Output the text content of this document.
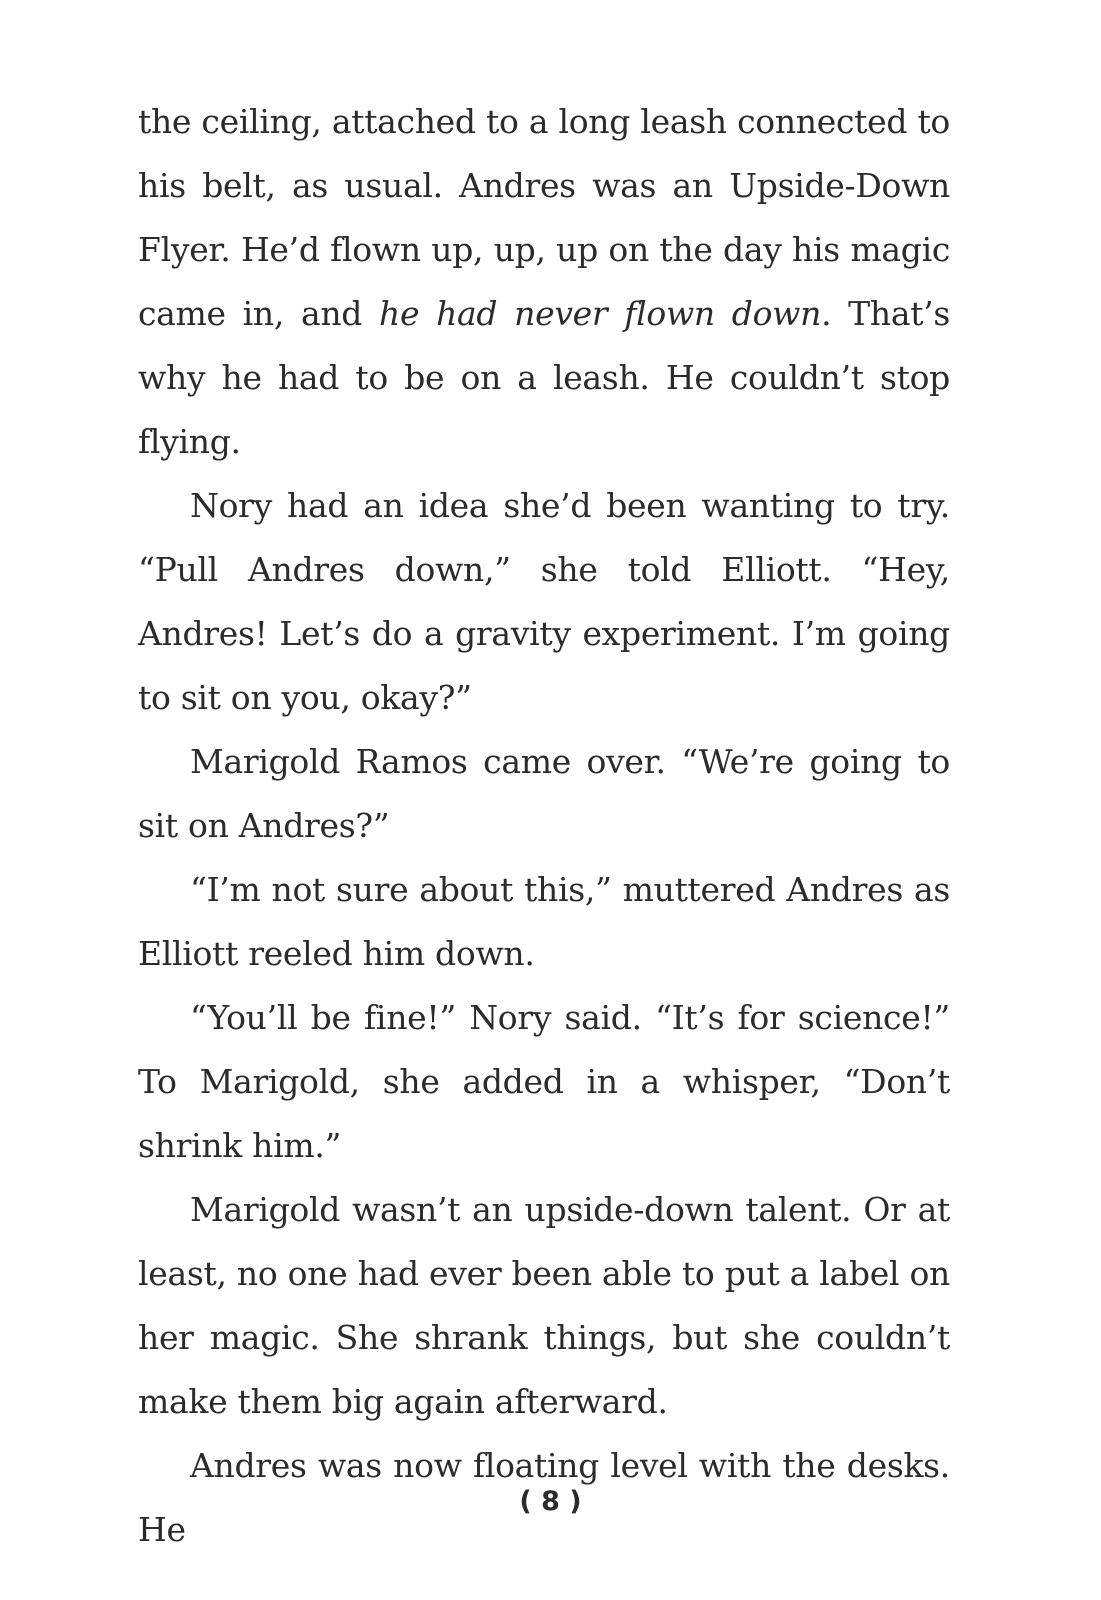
the ceiling, attached to a long leash connected to his belt, as usual. Andres was an Upside-Down Flyer. He’d flown up, up, up on the day his magic came in, and he had never flown down. That’s why he had to be on a leash. He couldn’t stop flying.

Nory had an idea she’d been wanting to try. “Pull Andres down,” she told Elliott. “Hey, Andres! Let’s do a gravity experiment. I’m going to sit on you, okay?”

Marigold Ramos came over. “We’re going to sit on Andres?”

“I’m not sure about this,” muttered Andres as Elliott reeled him down.

“You’ll be fine!” Nory said. “It’s for science!” To Marigold, she added in a whisper, “Don’t shrink him.”

Marigold wasn’t an upside-down talent. Or at least, no one had ever been able to put a label on her magic. She shrank things, but she couldn’t make them big again afterward.

Andres was now floating level with the desks. He

( 8 )
